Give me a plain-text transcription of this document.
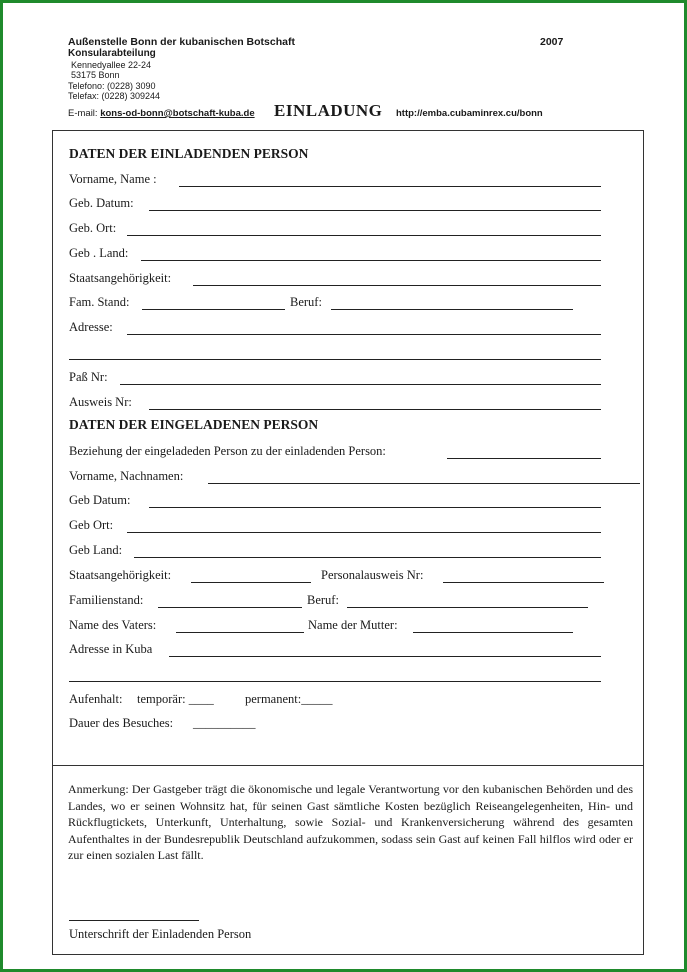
Außenstelle Bonn der kubanischen Botschaft
Konsularabteilung
Kennedyallee 22-24
53175 Bonn
Telefono: (0228) 3090
Telefax: (0228) 309244
2007
E-mail: kons-od-bonn@botschaft-kuba.de EINLADUNG http://emba.cubaminrex.cu/bonn
DATEN DER EINLADENDEN PERSON
Vorname, Name :
Geb. Datum:
Geb. Ort:
Geb . Land:
Staatsangehörigkeit:
Fam. Stand:	Beruf:
Adresse:
Paß Nr:
Ausweis Nr:
DATEN DER EINGELADENEN PERSON
Beziehung der eingeladeden Person zu der einladenden Person:
Vorname, Nachnamen:
Geb Datum:
Geb Ort:
Geb Land:
Staatsangehörigkeit:	Personalausweis Nr:
Familienstand:	Beruf:
Name des Vaters:	Name der Mutter:
Adresse in Kuba
Aufenhalt: temporär: ____	permanent:_____
Dauer des Besuches: __________
Anmerkung: Der Gastgeber trägt die ökonomische und legale Verantwortung vor den kubanischen Behörden und des Landes, wo er seinen Wohnsitz hat, für seinen Gast sämtliche Kosten bezüglich Reiseangelegenheiten, Hin- und Rückflugtickets, Unterkunft, Unterhaltung, sowie Sozial- und Krankenversicherung während des gesamten Aufenthaltes in der Bundesrepublik Deutschland aufzukommen, sodass sein Gast auf keinen Fall hilflos wird oder er zur einen sozialen Last fällt.
Unterschrift der Einladenden Person
